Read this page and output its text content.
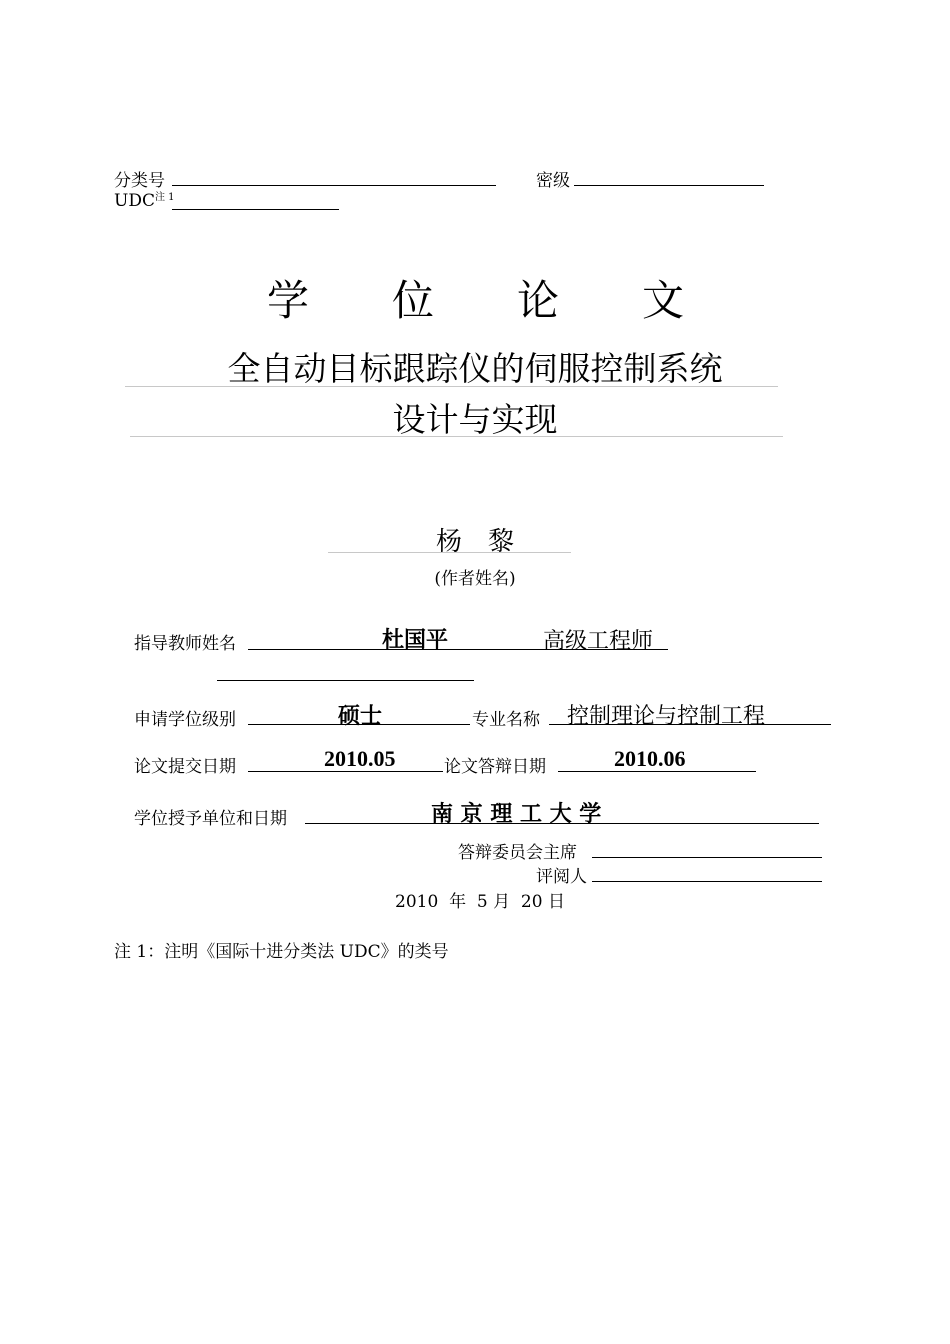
分类号	密级
$UDC^{注 1}$
学 位 论 文
全自动目标跟踪仪的伺服控制系统
设计与实现
杨　黎
(作者姓名)
指导教师姓名	杜国平	高级工程师
申请学位级别	硕士	专业名称 控制理论与控制工程
论文提交日期	2010.05	论文答辩日期	2010.06
学位授予单位和日期	南 京 理 工 大 学
答辩委员会主席
评阅人
2010  年  5 月  20 日
注 1：注明《国际十进分类法 UDC》的类号
